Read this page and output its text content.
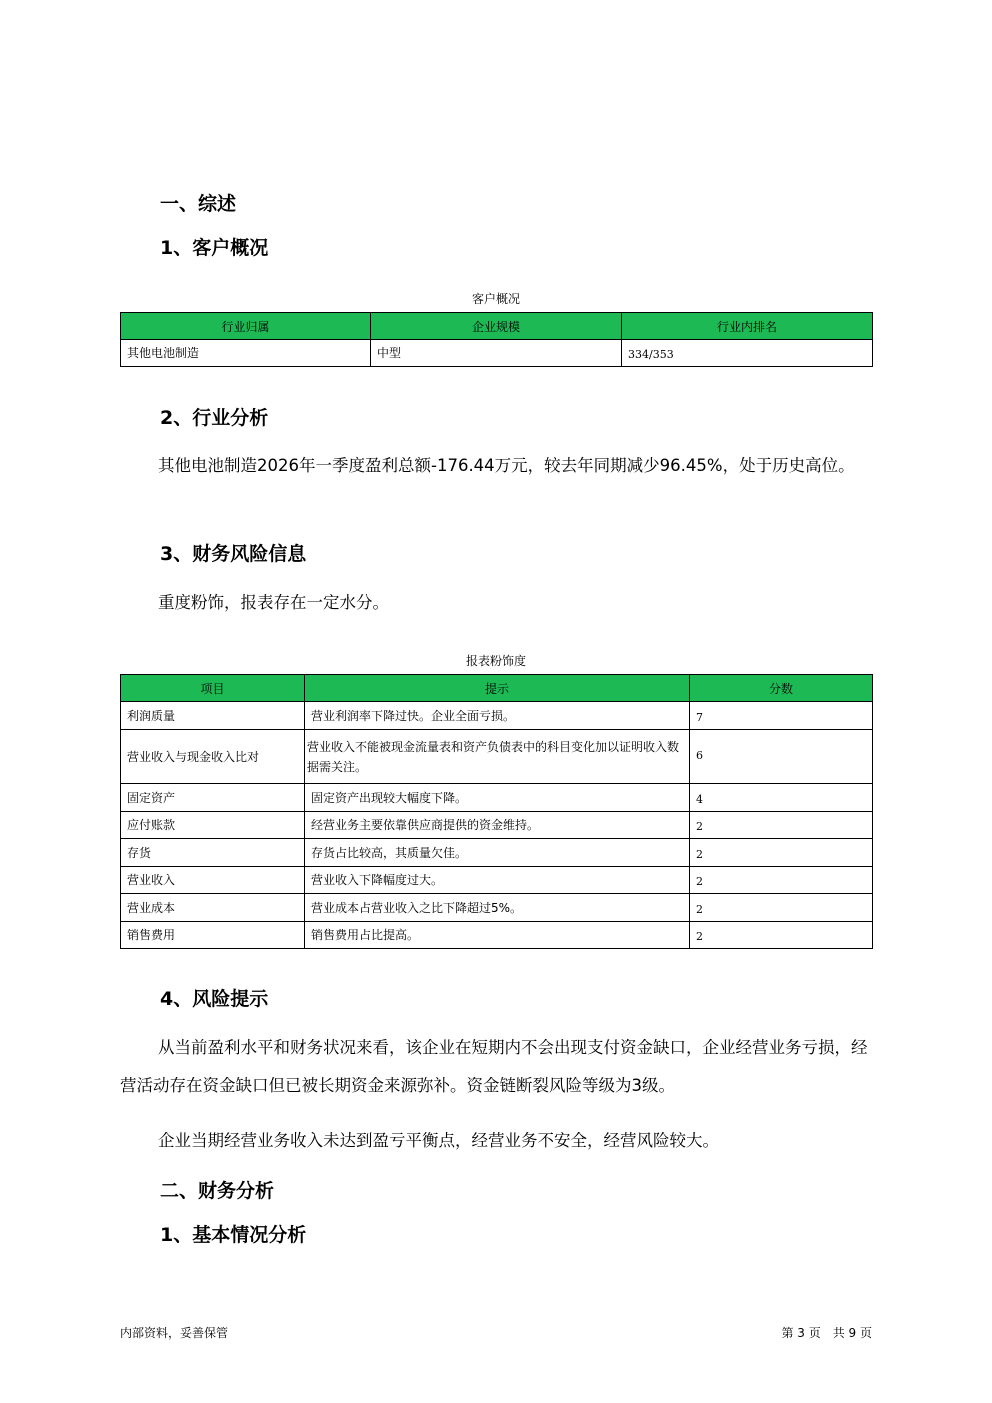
一、综述
1、客户概况
客户概况
行业归属	企业规模	行业内排名
其他电池制造	中型	334/353
2、行业分析

其他电池制造2026年一季度盈利总额-176.44万元，较去年同期减少96.45%，处于历史高位。

3、财务风险信息

重度粉饰，报表存在一定水分。

报表粉饰度
项目	提示	分数
利润质量	营业利润率下降过快。企业全面亏损。	7
营业收入与现金收入比对	营业收入不能被现金流量表和资产负债表中的科目变化加以证明收入数据需关注。	6
固定资产	固定资产出现较大幅度下降。	4
应付账款	经营业务主要依靠供应商提供的资金维持。	2
存货	存货占比较高，其质量欠佳。	2
营业收入	营业收入下降幅度过大。	2
营业成本	营业成本占营业收入之比下降超过5%。	2
销售费用	销售费用占比提高。	2
4、风险提示

从当前盈利水平和财务状况来看，该企业在短期内不会出现支付资金缺口，企业经营业务亏损，经营活动存在资金缺口但已被长期资金来源弥补。资金链断裂风险等级为3级。

企业当期经营业务收入未达到盈亏平衡点，经营业务不安全，经营风险较大。

二、财务分析
1、基本情况分析
内部资料，妥善保管	第 3 页　共 9 页
